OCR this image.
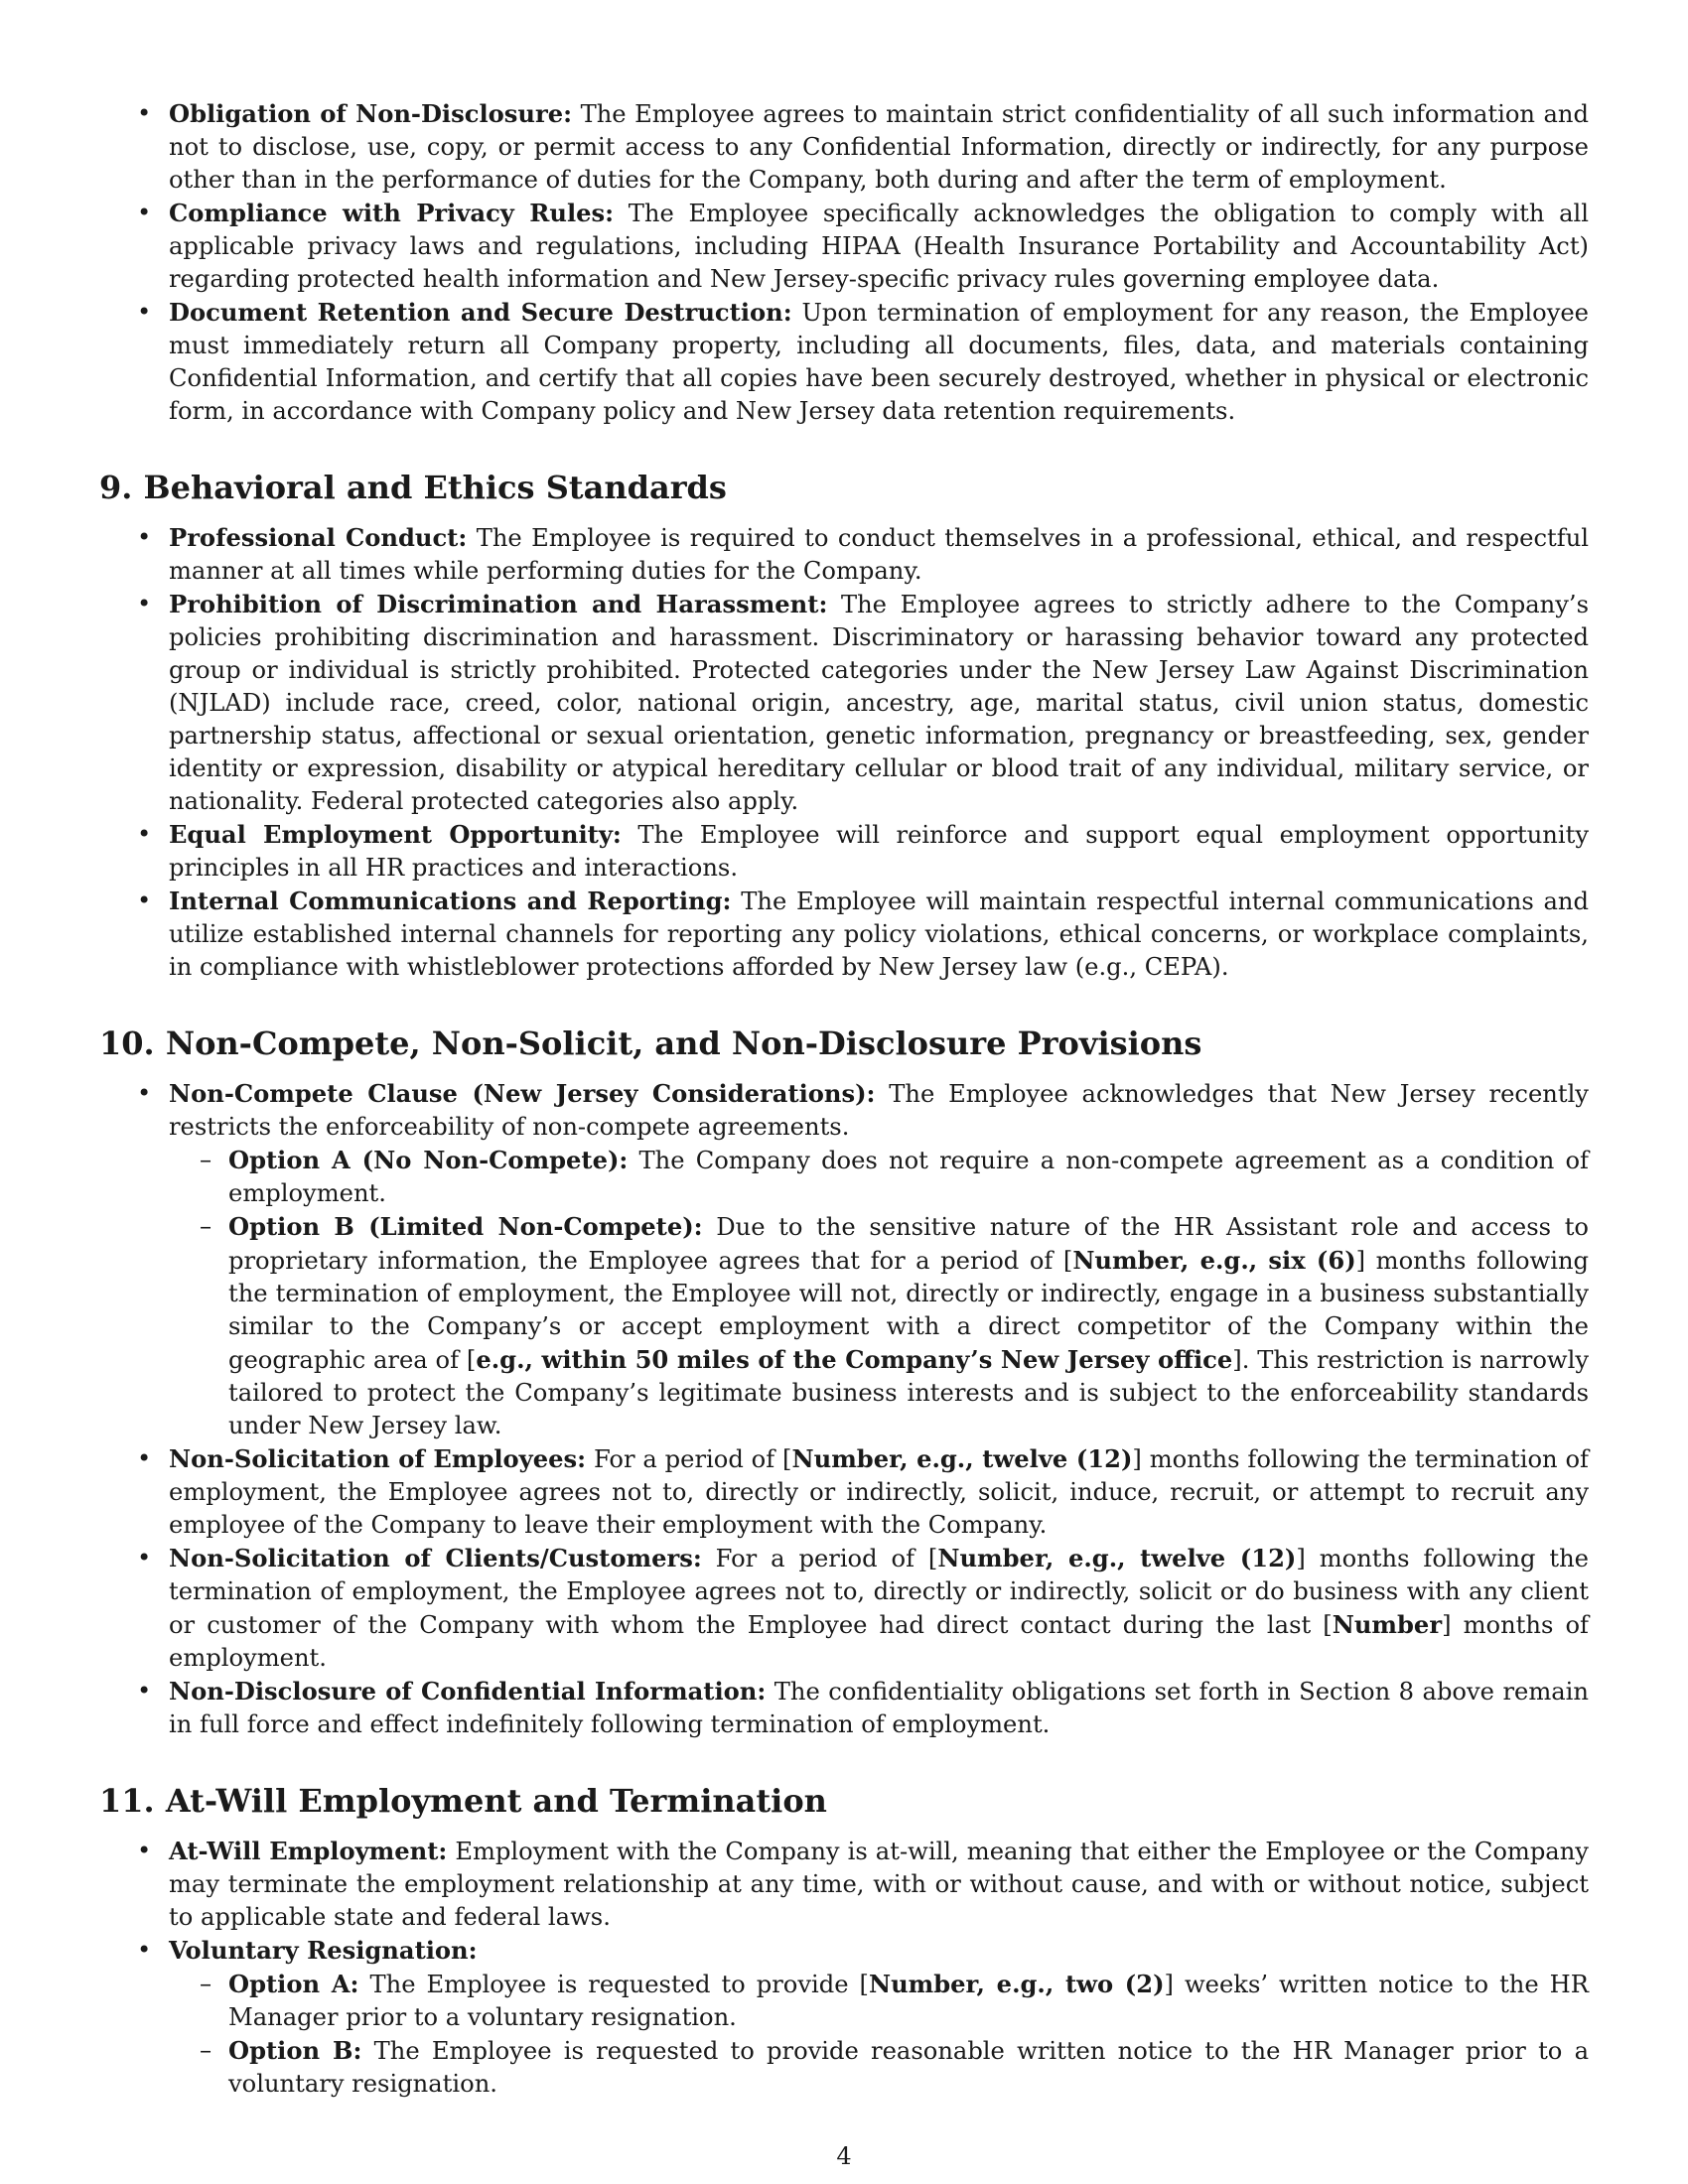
• Obligation of Non-Disclosure: The Employee agrees to maintain strict confidentiality of all such information and not to disclose, use, copy, or permit access to any Confidential Information, directly or indirectly, for any purpose other than in the performance of duties for the Company, both during and after the term of employment.
• Compliance with Privacy Rules: The Employee specifically acknowledges the obligation to comply with all applicable privacy laws and regulations, including HIPAA (Health Insurance Portability and Accountability Act) regarding protected health information and New Jersey-specific privacy rules governing employee data.
• Document Retention and Secure Destruction: Upon termination of employment for any reason, the Employee must immediately return all Company property, including all documents, files, data, and materials containing Confidential Information, and certify that all copies have been securely destroyed, whether in physical or electronic form, in accordance with Company policy and New Jersey data retention requirements.
9. Behavioral and Ethics Standards
• Professional Conduct: The Employee is required to conduct themselves in a professional, ethical, and respectful manner at all times while performing duties for the Company.
• Prohibition of Discrimination and Harassment: The Employee agrees to strictly adhere to the Company’s policies prohibiting discrimination and harassment. Discriminatory or harassing behavior toward any protected group or individual is strictly prohibited. Protected categories under the New Jersey Law Against Discrimination (NJLAD) include race, creed, color, national origin, ancestry, age, marital status, civil union status, domestic partnership status, affectional or sexual orientation, genetic information, pregnancy or breastfeeding, sex, gender identity or expression, disability or atypical hereditary cellular or blood trait of any individual, military service, or nationality. Federal protected categories also apply.
• Equal Employment Opportunity: The Employee will reinforce and support equal employment opportunity principles in all HR practices and interactions.
• Internal Communications and Reporting: The Employee will maintain respectful internal communications and utilize established internal channels for reporting any policy violations, ethical concerns, or workplace complaints, in compliance with whistleblower protections afforded by New Jersey law (e.g., CEPA).
10. Non-Compete, Non-Solicit, and Non-Disclosure Provisions
• Non-Compete Clause (New Jersey Considerations): The Employee acknowledges that New Jersey recently restricts the enforceability of non-compete agreements.
– Option A (No Non-Compete): The Company does not require a non-compete agreement as a condition of employment.
– Option B (Limited Non-Compete): Due to the sensitive nature of the HR Assistant role and access to proprietary information, the Employee agrees that for a period of [Number, e.g., six (6)] months following the termination of employment, the Employee will not, directly or indirectly, engage in a business substantially similar to the Company’s or accept employment with a direct competitor of the Company within the geographic area of [e.g., within 50 miles of the Company’s New Jersey office]. This restriction is narrowly tailored to protect the Company’s legitimate business interests and is subject to the enforceability standards under New Jersey law.
• Non-Solicitation of Employees: For a period of [Number, e.g., twelve (12)] months following the termination of employment, the Employee agrees not to, directly or indirectly, solicit, induce, recruit, or attempt to recruit any employee of the Company to leave their employment with the Company.
• Non-Solicitation of Clients/Customers: For a period of [Number, e.g., twelve (12)] months following the termination of employment, the Employee agrees not to, directly or indirectly, solicit or do business with any client or customer of the Company with whom the Employee had direct contact during the last [Number] months of employment.
• Non-Disclosure of Confidential Information: The confidentiality obligations set forth in Section 8 above remain in full force and effect indefinitely following termination of employment.
11. At-Will Employment and Termination
• At-Will Employment: Employment with the Company is at-will, meaning that either the Employee or the Company may terminate the employment relationship at any time, with or without cause, and with or without notice, subject to applicable state and federal laws.
• Voluntary Resignation:
– Option A: The Employee is requested to provide [Number, e.g., two (2)] weeks’ written notice to the HR Manager prior to a voluntary resignation.
– Option B: The Employee is requested to provide reasonable written notice to the HR Manager prior to a voluntary resignation.
4
